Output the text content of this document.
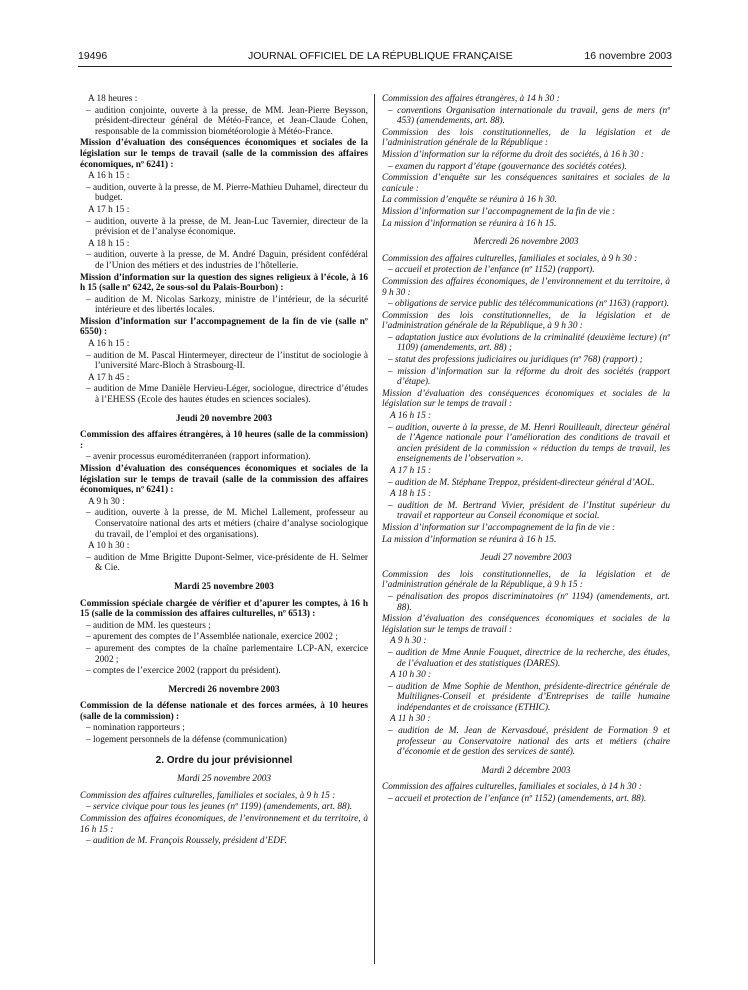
19496	JOURNAL OFFICIEL DE LA RÉPUBLIQUE FRANÇAISE	16 novembre 2003
A 18 heures :
– audition conjointe, ouverte à la presse, de MM. Jean-Pierre Beysson, président-directeur général de Météo-France, et Jean-Claude Cohen, responsable de la commission biométéorologie à Météo-France.
Mission d’évaluation des conséquences économiques et sociales de la législation sur le temps de travail (salle de la commission des affaires économiques, nº 6241) :
A 16 h 15 :
– audition, ouverte à la presse, de M. Pierre-Mathieu Duhamel, directeur du budget.
A 17 h 15 :
– audition, ouverte à la presse, de M. Jean-Luc Tavernier, directeur de la prévision et de l’analyse économique.
A 18 h 15 :
– audition, ouverte à la presse, de M. André Daguin, président confédéral de l’Union des métiers et des industries de l’hôtellerie.
Mission d’information sur la question des signes religieux à l’école, à 16 h 15 (salle nº 6242, 2e sous-sol du Palais-Bourbon) :
– audition de M. Nicolas Sarkozy, ministre de l’intérieur, de la sécurité intérieure et des libertés locales.
Mission d’information sur l’accompagnement de la fin de vie (salle nº 6550) :
A 16 h 15 :
– audition de M. Pascal Hintermeyer, directeur de l’institut de sociologie à l’université Marc-Bloch à Strasbourg-II.
A 17 h 45 :
– audition de Mme Danièle Hervieu-Léger, sociologue, directrice d’études à l’EHESS (Ecole des hautes études en sciences sociales).
Jeudi 20 novembre 2003
Commission des affaires étrangères, à 10 heures (salle de la commission) :
– avenir processus euroméditerranéen (rapport information).
Mission d’évaluation des conséquences économiques et sociales de la législation sur le temps de travail (salle de la commission des affaires économiques, nº 6241) :
A 9 h 30 :
– audition, ouverte à la presse, de M. Michel Lallement, professeur au Conservatoire national des arts et métiers (chaire d’analyse sociologique du travail, de l’emploi et des organisations).
A 10 h 30 :
– audition de Mme Brigitte Dupont-Selmer, vice-présidente de H. Selmer & Cie.
Mardi 25 novembre 2003
Commission spéciale chargée de vérifier et d’apurer les comptes, à 16 h 15 (salle de la commission des affaires culturelles, nº 6513) :
– audition de MM. les questeurs ;
– apurement des comptes de l’Assemblée nationale, exercice 2002 ;
– apurement des comptes de la chaîne parlementaire LCP-AN, exercice 2002 ;
– comptes de l’exercice 2002 (rapport du président).
Mercredi 26 novembre 2003
Commission de la défense nationale et des forces armées, à 10 heures (salle de la commission) :
– nomination rapporteurs ;
– logement personnels de la défense (communication)
2. Ordre du jour prévisionnel
Mardi 25 novembre 2003
Commission des affaires culturelles, familiales et sociales, à 9 h 15 :
– service civique pour tous les jeunes (nº 1199) (amendements, art. 88).
Commission des affaires économiques, de l’environnement et du territoire, à 16 h 15 :
– audition de M. François Roussely, président d’EDF.
Commission des affaires étrangères, à 14 h 30 :
– conventions Organisation internationale du travail, gens de mers (nº 453) (amendements, art. 88).
Commission des lois constitutionnelles, de la législation et de l’administration générale de la République :
Mission d’information sur la réforme du droit des sociétés, à 16 h 30 :
– examen du rapport d’étape (gouvernance des sociétés cotées).
Commission d’enquête sur les conséquences sanitaires et sociales de la canicule :
La commission d’enquête se réunira à 16 h 30.
Mission d’information sur l’accompagnement de la fin de vie :
La mission d’information se réunira à 16 h 15.
Mercredi 26 novembre 2003
Commission des affaires culturelles, familiales et sociales, à 9 h 30 :
– accueil et protection de l’enfance (nº 1152) (rapport).
Commission des affaires économiques, de l’environnement et du territoire, à 9 h 30 :
– obligations de service public des télécommunications (nº 1163) (rapport).
Commission des lois constitutionnelles, de la législation et de l’administration générale de la République, à 9 h 30 :
– adaptation justice aux évolutions de la criminalité (deuxième lecture) (nº 1109) (amendements, art. 88) ;
– statut des professions judiciaires ou juridiques (nº 768) (rapport) ;
– mission d’information sur la réforme du droit des sociétés (rapport d’étape).
Mission d’évaluation des conséquences économiques et sociales de la législation sur le temps de travail :
A 16 h 15 :
– audition, ouverte à la presse, de M. Henri Rouilleault, directeur général de l’Agence nationale pour l’amélioration des conditions de travail et ancien président de la commission « réduction du temps de travail, les enseignements de l’observation ».
A 17 h 15 :
– audition de M. Stéphane Treppoz, président-directeur général d’AOL.
A 18 h 15 :
– audition de M. Bertrand Vivier, président de l’Institut supérieur du travail et rapporteur au Conseil économique et social.
Mission d’information sur l’accompagnement de la fin de vie :
La mission d’information se réunira à 16 h 15.
Jeudi 27 novembre 2003
Commission des lois constitutionnelles, de la législation et de l’administration générale de la République, à 9 h 15 :
– pénalisation des propos discriminatoires (nº 1194) (amendements, art. 88).
Mission d’évaluation des conséquences économiques et sociales de la législation sur le temps de travail :
A 9 h 30 :
– audition de Mme Annie Fouquet, directrice de la recherche, des études, de l’évaluation et des statistiques (DARES).
A 10 h 30 :
– audition de Mme Sophie de Menthon, présidente-directrice générale de Multilignes-Conseil et présidente d’Entreprises de taille humaine indépendantes et de croissance (ETHIC).
A 11 h 30 :
– audition de M. Jean de Kervasdoué, président de Formation 9 et professeur au Conservatoire national des arts et métiers (chaire d’économie et de gestion des services de santé).
Mardi 2 décembre 2003
Commission des affaires culturelles, familiales et sociales, à 14 h 30 :
– accueil et protection de l’enfance (nº 1152) (amendements, art. 88).
